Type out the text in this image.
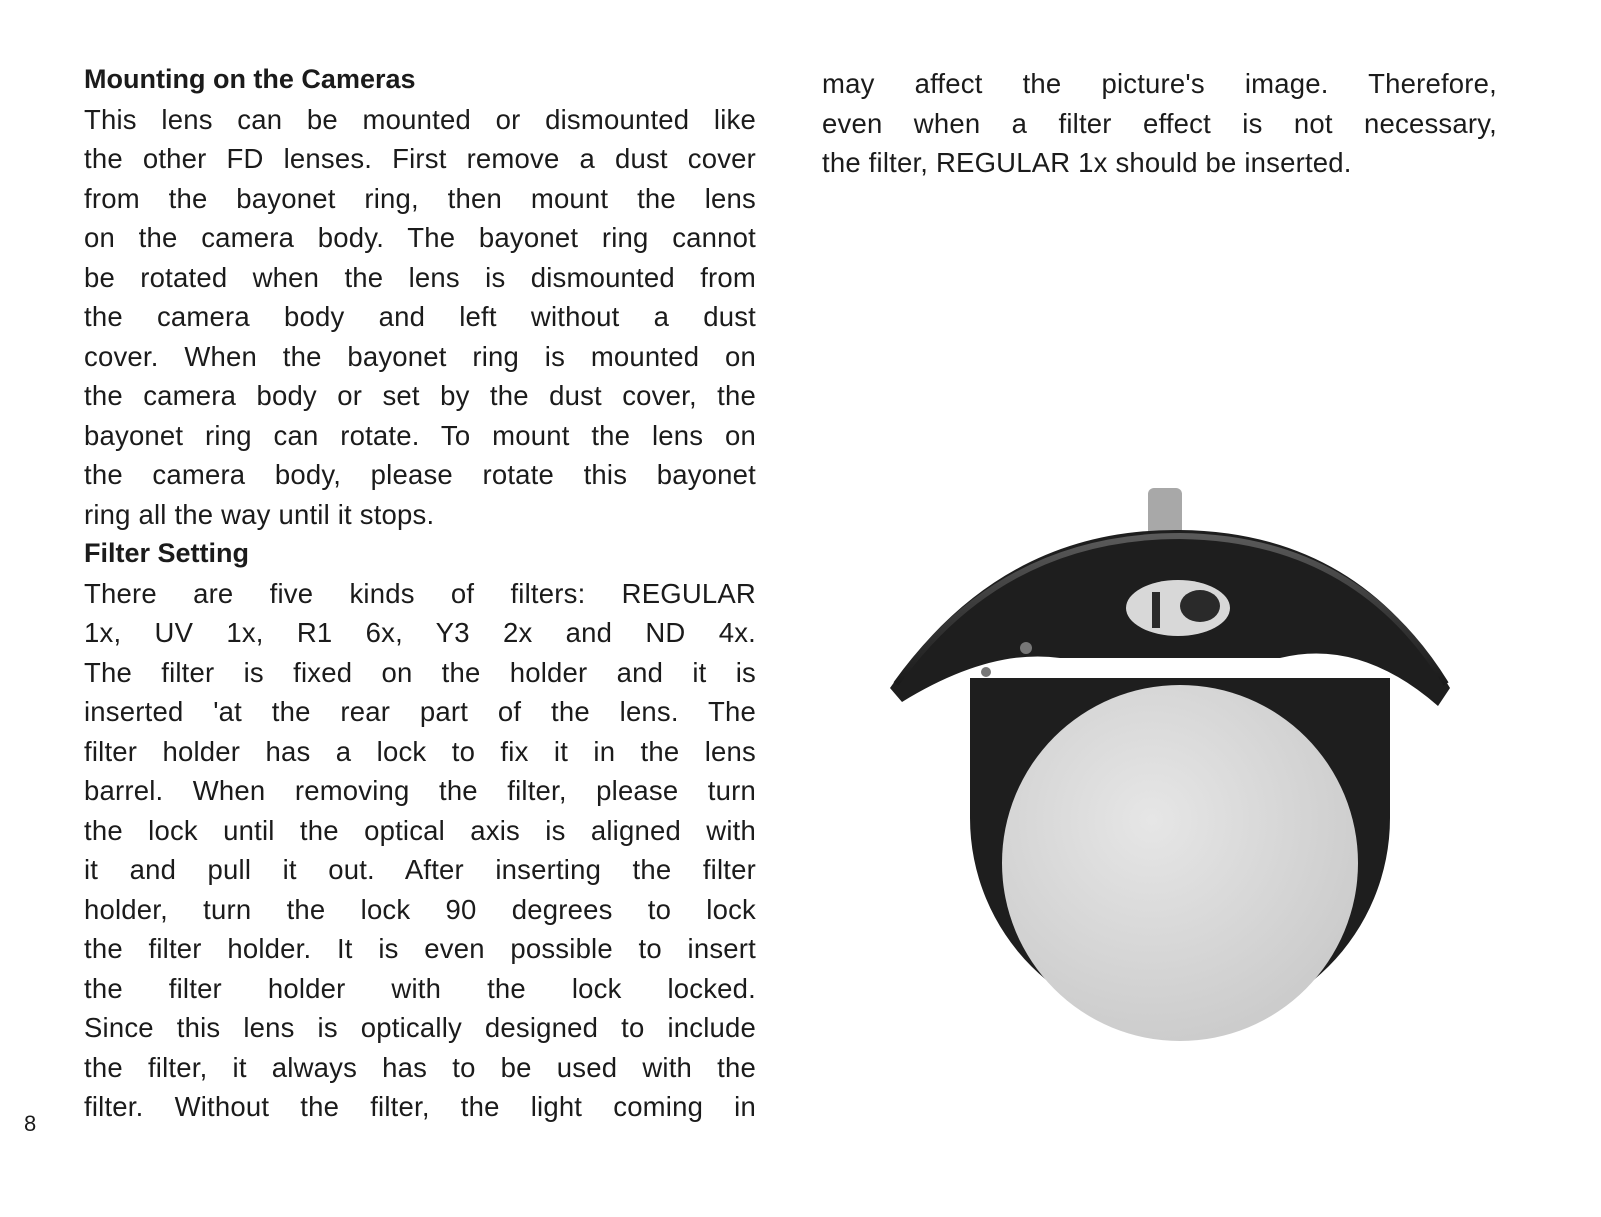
8
Mounting on the Cameras
This lens can be mounted or dismounted like
the other FD lenses. First remove a dust cover
from the bayonet ring, then mount the lens
on the camera body. The bayonet ring cannot
be rotated when the lens is dismounted from
the camera body and left without a dust
cover. When the bayonet ring is mounted on
the camera body or set by the dust cover, the
bayonet ring can rotate. To mount the lens on
the camera body, please rotate this bayonet
ring all the way until it stops.
Filter Setting
There are five kinds of filters: REGULAR
1x, UV 1x, R1 6x, Y3 2x and ND 4x.
The filter is fixed on the holder and it is
inserted 'at the rear part of the lens. The
filter holder has a lock to fix it in the lens
barrel. When removing the filter, please turn
the lock until the optical axis is aligned with
it and pull it out. After inserting the filter
holder, turn the lock 90 degrees to lock
the filter holder. It is even possible to insert
the filter holder with the lock locked.
Since this lens is optically designed to include
the filter, it always has to be used with the
filter. Without the filter, the light coming in
may affect the picture's image. Therefore,
even when a filter effect is not necessary,
the filter, REGULAR 1x should be inserted.
